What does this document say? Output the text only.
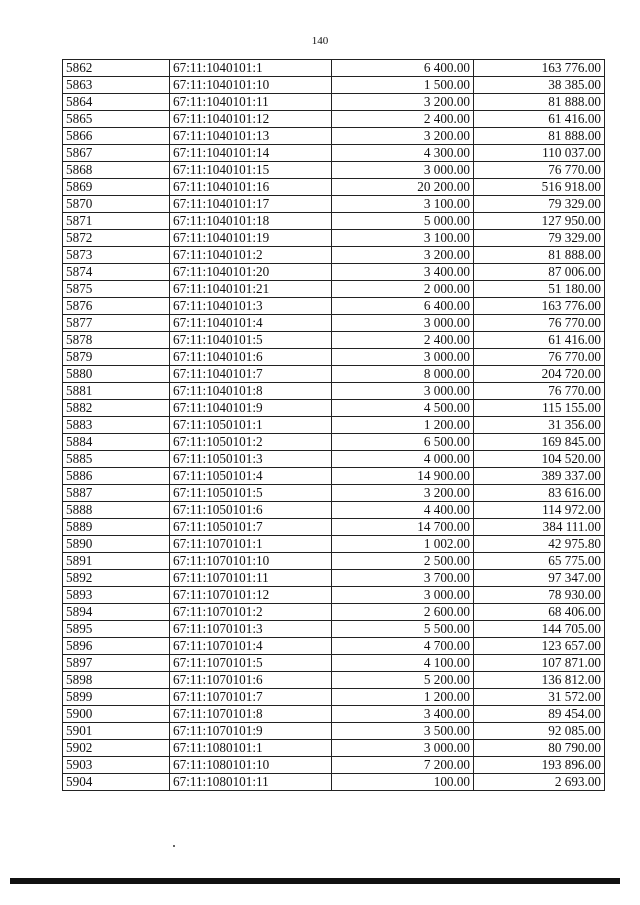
140
5862	67:11:1040101:1	6 400.00	163 776.00
5863	67:11:1040101:10	1 500.00	38 385.00
5864	67:11:1040101:11	3 200.00	81 888.00
5865	67:11:1040101:12	2 400.00	61 416.00
5866	67:11:1040101:13	3 200.00	81 888.00
5867	67:11:1040101:14	4 300.00	110 037.00
5868	67:11:1040101:15	3 000.00	76 770.00
5869	67:11:1040101:16	20 200.00	516 918.00
5870	67:11:1040101:17	3 100.00	79 329.00
5871	67:11:1040101:18	5 000.00	127 950.00
5872	67:11:1040101:19	3 100.00	79 329.00
5873	67:11:1040101:2	3 200.00	81 888.00
5874	67:11:1040101:20	3 400.00	87 006.00
5875	67:11:1040101:21	2 000.00	51 180.00
5876	67:11:1040101:3	6 400.00	163 776.00
5877	67:11:1040101:4	3 000.00	76 770.00
5878	67:11:1040101:5	2 400.00	61 416.00
5879	67:11:1040101:6	3 000.00	76 770.00
5880	67:11:1040101:7	8 000.00	204 720.00
5881	67:11:1040101:8	3 000.00	76 770.00
5882	67:11:1040101:9	4 500.00	115 155.00
5883	67:11:1050101:1	1 200.00	31 356.00
5884	67:11:1050101:2	6 500.00	169 845.00
5885	67:11:1050101:3	4 000.00	104 520.00
5886	67:11:1050101:4	14 900.00	389 337.00
5887	67:11:1050101:5	3 200.00	83 616.00
5888	67:11:1050101:6	4 400.00	114 972.00
5889	67:11:1050101:7	14 700.00	384 111.00
5890	67:11:1070101:1	1 002.00	42 975.80
5891	67:11:1070101:10	2 500.00	65 775.00
5892	67:11:1070101:11	3 700.00	97 347.00
5893	67:11:1070101:12	3 000.00	78 930.00
5894	67:11:1070101:2	2 600.00	68 406.00
5895	67:11:1070101:3	5 500.00	144 705.00
5896	67:11:1070101:4	4 700.00	123 657.00
5897	67:11:1070101:5	4 100.00	107 871.00
5898	67:11:1070101:6	5 200.00	136 812.00
5899	67:11:1070101:7	1 200.00	31 572.00
5900	67:11:1070101:8	3 400.00	89 454.00
5901	67:11:1070101:9	3 500.00	92 085.00
5902	67:11:1080101:1	3 000.00	80 790.00
5903	67:11:1080101:10	7 200.00	193 896.00
5904	67:11:1080101:11	100.00	2 693.00
